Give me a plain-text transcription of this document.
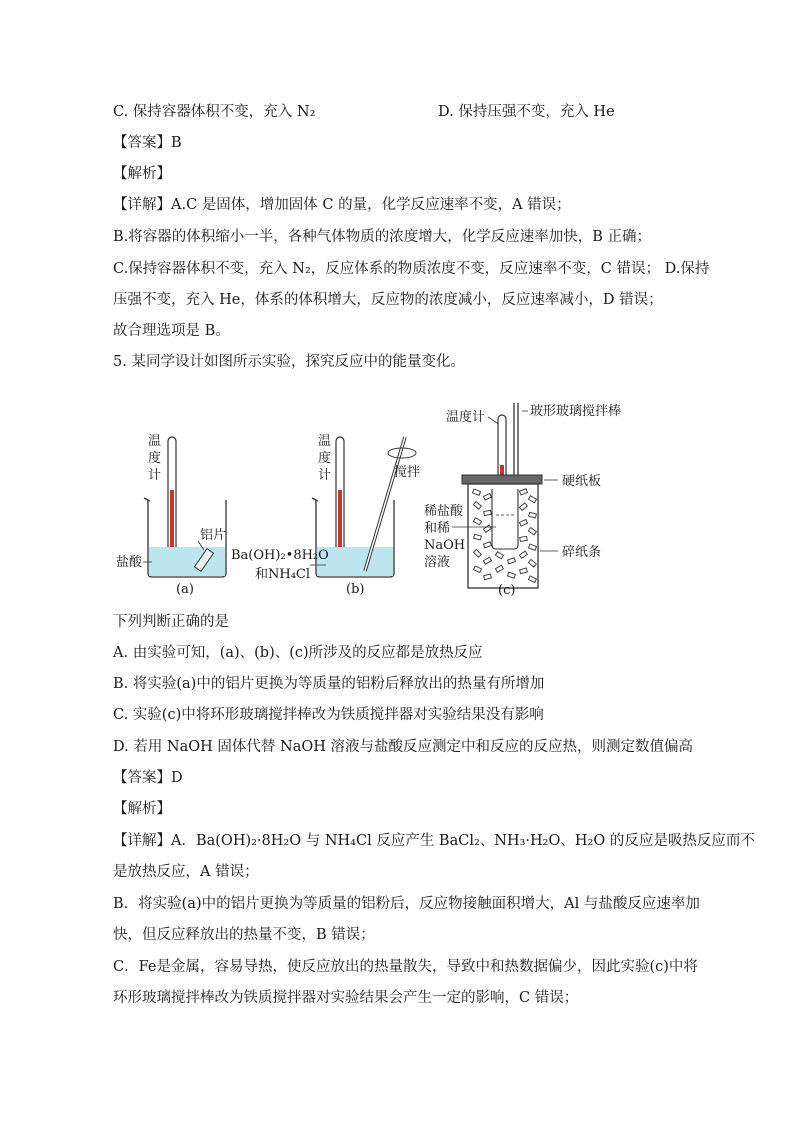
C. 保持容器体积不变，充入 N₂	D. 保持压强不变，充入 He
【答案】B
【解析】
【详解】A.C 是固体，增加固体 C 的量，化学反应速率不变，A 错误；
B.将容器的体积缩小一半，各种气体物质的浓度增大，化学反应速率加快，B 正确；
C.保持容器体积不变，充入 N₂，反应体系的物质浓度不变，反应速率不变，C 错误； D.保持
压强不变，充入 He，体系的体积增大，反应物的浓度减小，反应速率减小，D 错误；
故合理选项是 B。
5. 某同学设计如图所示实验，探究反应中的能量变化。
温
度
计
铝片
盐酸
(a)
温
度
计	搅拌
Ba(OH)₂•8H₂O
和NH₄Cl
(b)
温度计	玻形玻璃搅拌棒
硬纸板
稀盐酸
和稀
NaOH
溶液
碎纸条
(c)
下列判断正确的是
A. 由实验可知，(a)、(b)、(c)所涉及的反应都是放热反应
B. 将实验(a)中的铝片更换为等质量的铝粉后释放出的热量有所增加
C. 实验(c)中将环形玻璃搅拌棒改为铁质搅拌器对实验结果没有影响
D. 若用 NaOH 固体代替 NaOH 溶液与盐酸反应测定中和反应的反应热，则测定数值偏高
【答案】D
【解析】
【详解】A．Ba(OH)₂·8H₂O 与 NH₄Cl 反应产生 BaCl₂、NH₃·H₂O、H₂O 的反应是吸热反应而不
是放热反应，A 错误；
B．将实验(a)中的铝片更换为等质量的铝粉后，反应物接触面积增大，Al 与盐酸反应速率加
快，但反应释放出的热量不变，B 错误；
C．Fe是金属，容易导热，使反应放出的热量散失，导致中和热数据偏少，因此实验(c)中将
环形玻璃搅拌棒改为铁质搅拌器对实验结果会产生一定的影响，C 错误；
